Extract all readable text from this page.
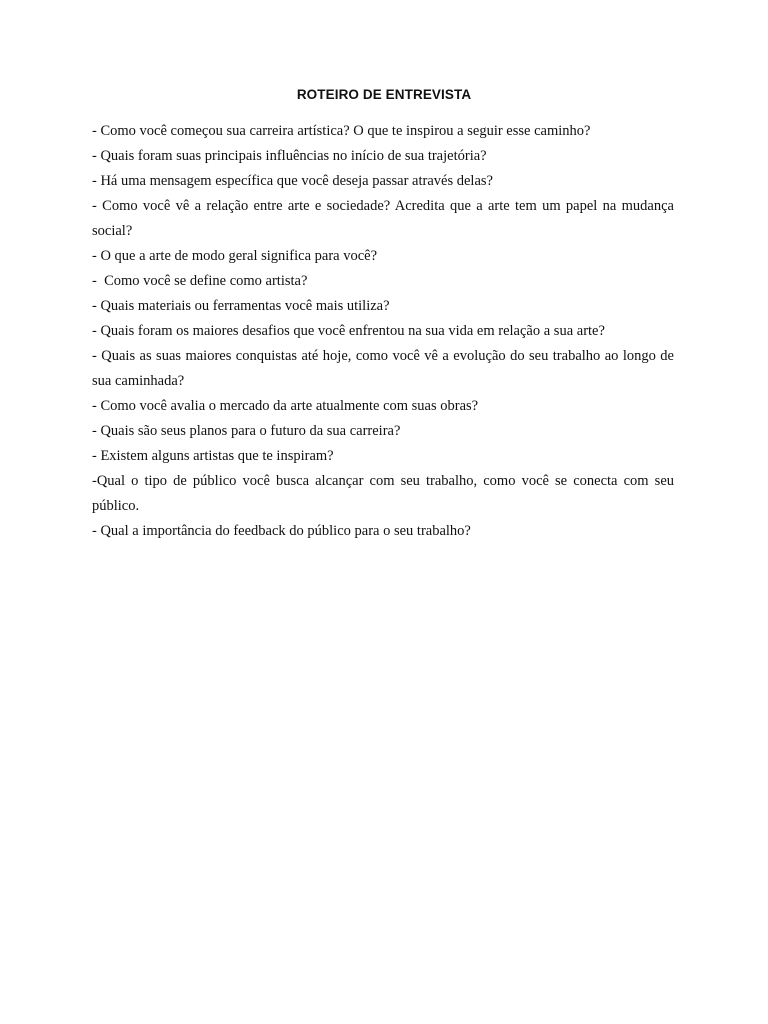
ROTEIRO DE ENTREVISTA
- Como você começou sua carreira artística? O que te inspirou a seguir esse caminho?
- Quais foram suas principais influências no início de sua trajetória?
- Há uma mensagem específica que você deseja passar através delas?
- Como você vê a relação entre arte e sociedade? Acredita que a arte tem um papel na mudança social?
- O que a arte de modo geral significa para você?
-  Como você se define como artista?
- Quais materiais ou ferramentas você mais utiliza?
- Quais foram os maiores desafios que você enfrentou na sua vida em relação a sua arte?
- Quais as suas maiores conquistas até hoje, como você vê a evolução do seu trabalho ao longo de sua caminhada?
- Como você avalia o mercado da arte atualmente com suas obras?
- Quais são seus planos para o futuro da sua carreira?
- Existem alguns artistas que te inspiram?
-Qual o tipo de público você busca alcançar com seu trabalho, como você se conecta com seu público.
- Qual a importância do feedback do público para o seu trabalho?
